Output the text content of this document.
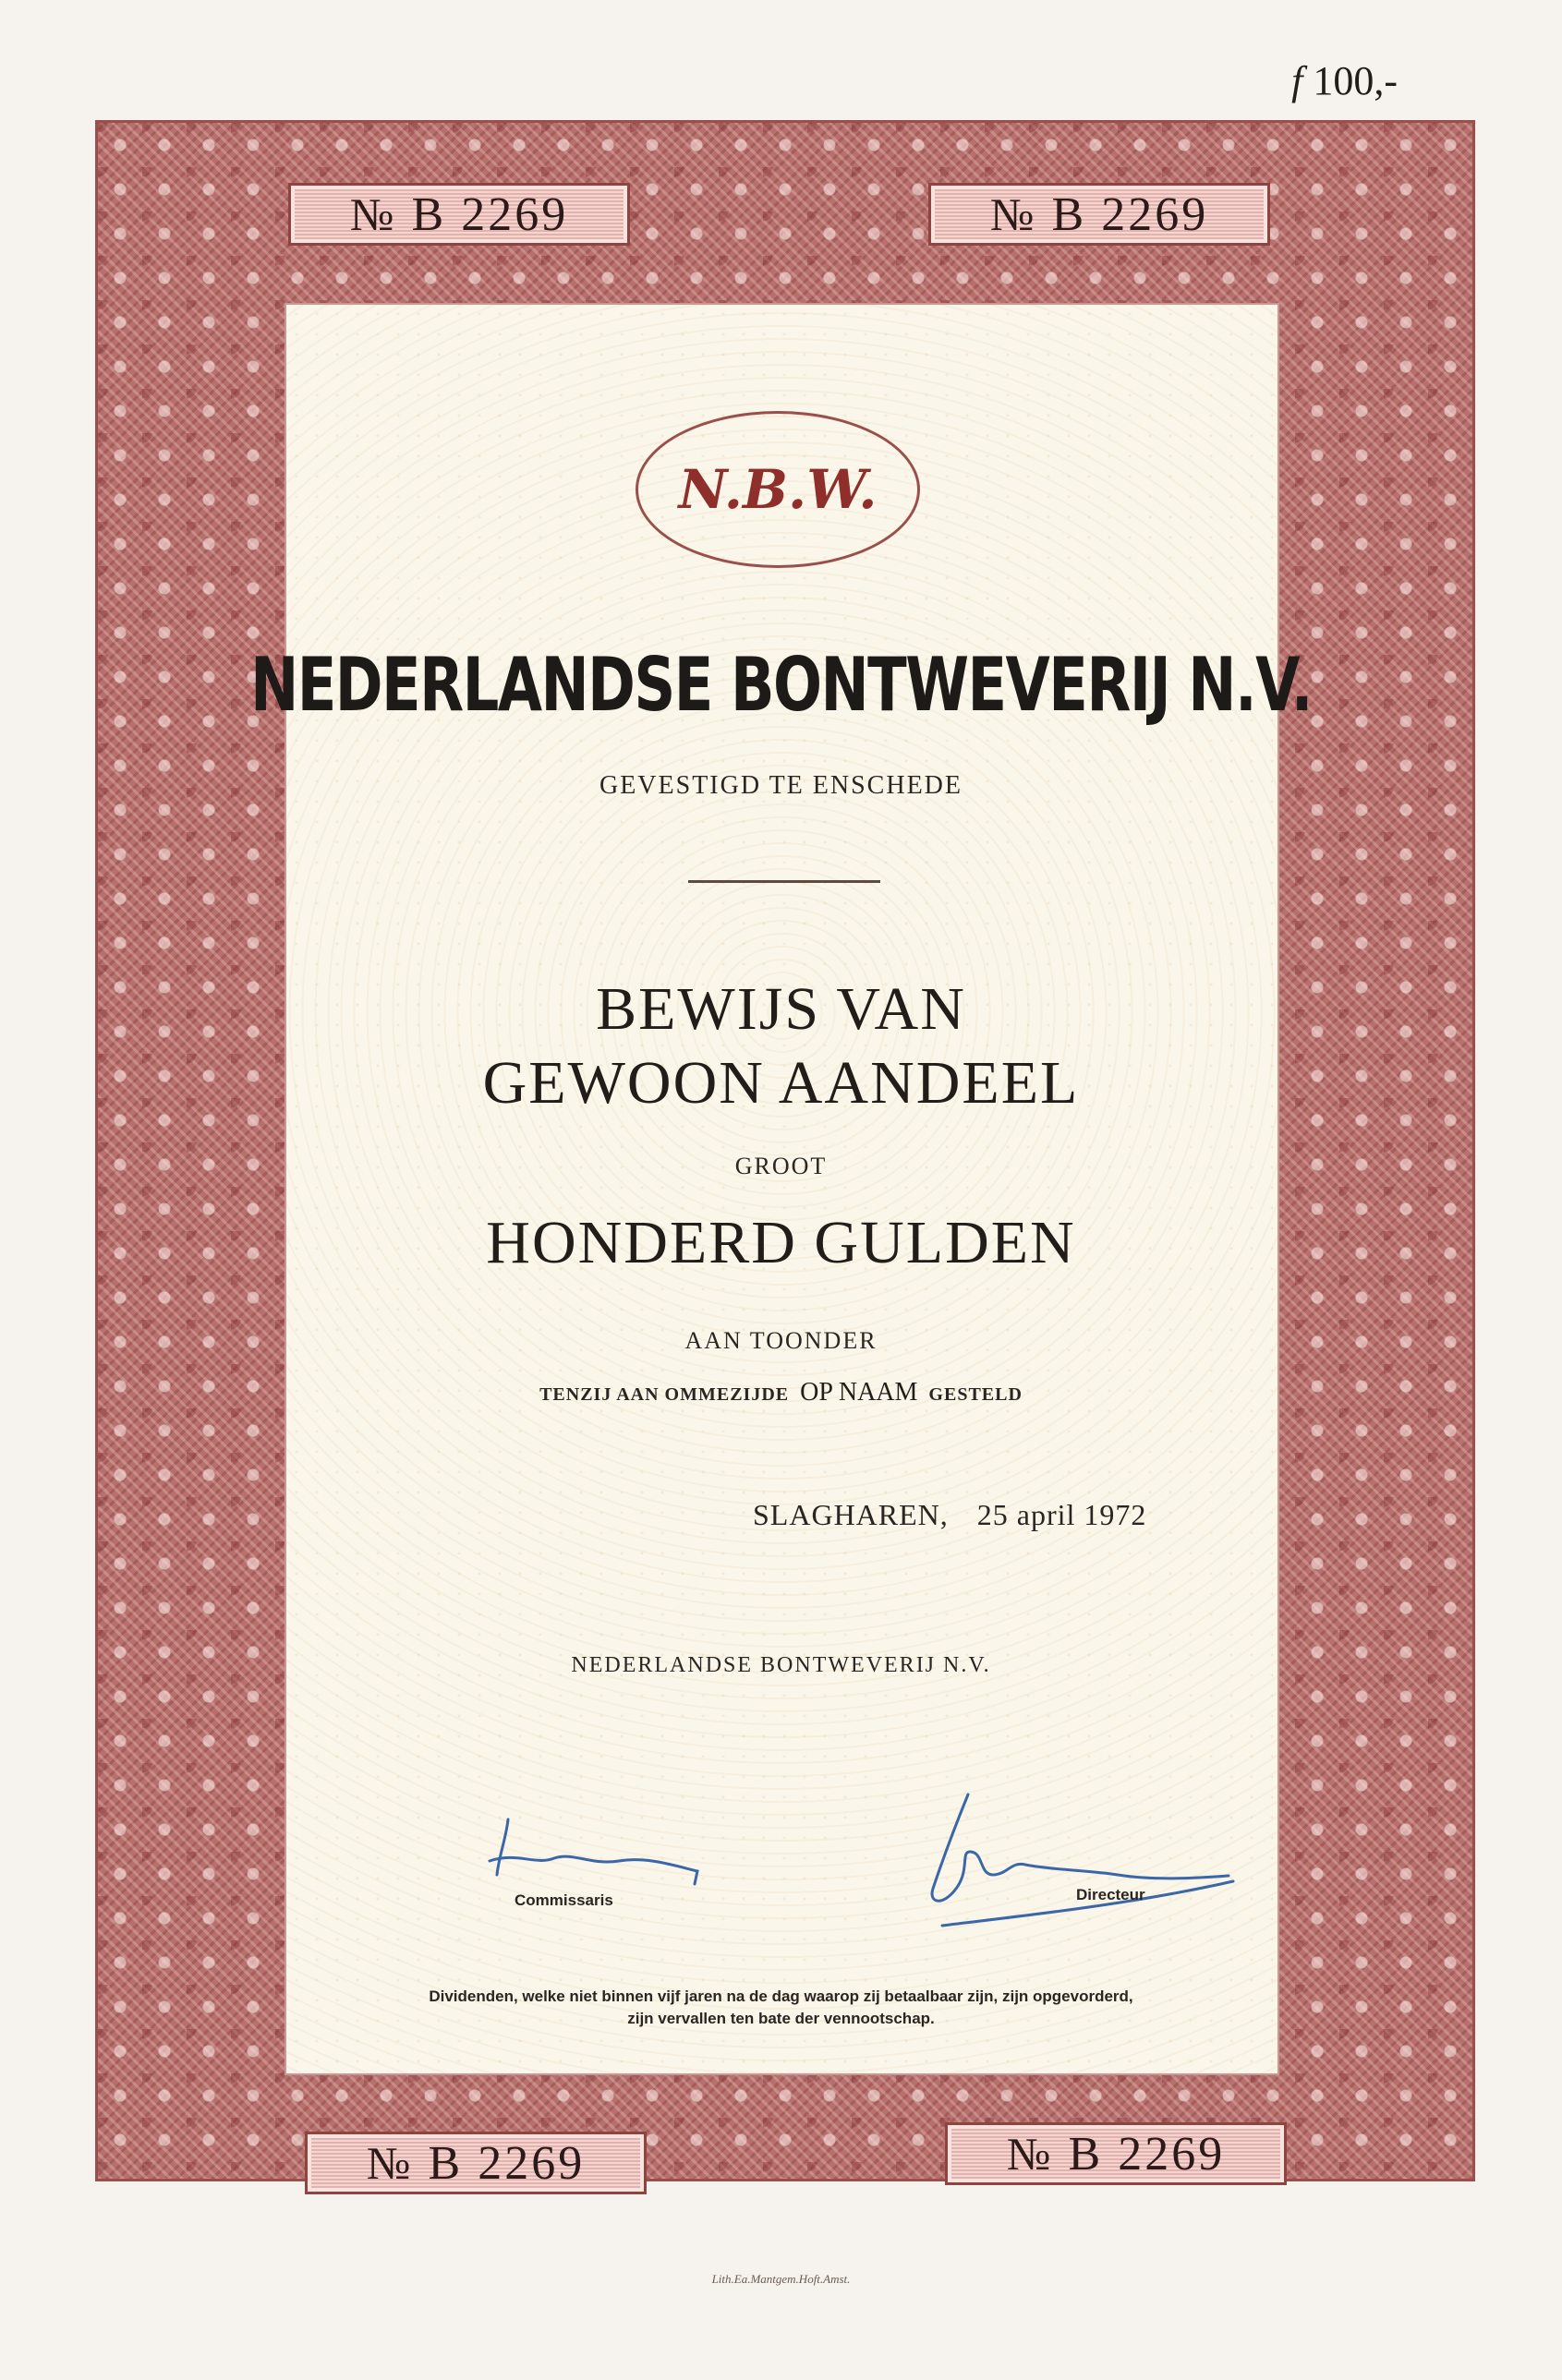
f 100,-
№ B 2269	№ B 2269
№ B 2269	№ B 2269
N.B.W.
NEDERLANDSE BONTWEVERIJ N.V.
GEVESTIGD TE ENSCHEDE
BEWIJS VAN
GEWOON AANDEEL
GROOT
HONDERD GULDEN
AAN TOONDER
TENZIJ AAN OMMEZIJDE OP NAAM GESTELD
SLAGHAREN, 25 april 1972
NEDERLANDSE BONTWEVERIJ N.V.
Commissaris	Directeur
Dividenden, welke niet binnen vijf jaren na de dag waarop zij betaalbaar zijn, zijn opgevorderd,
zijn vervallen ten bate der vennootschap.
Lith.Ea.Mantgem.Hoft.Amst.
